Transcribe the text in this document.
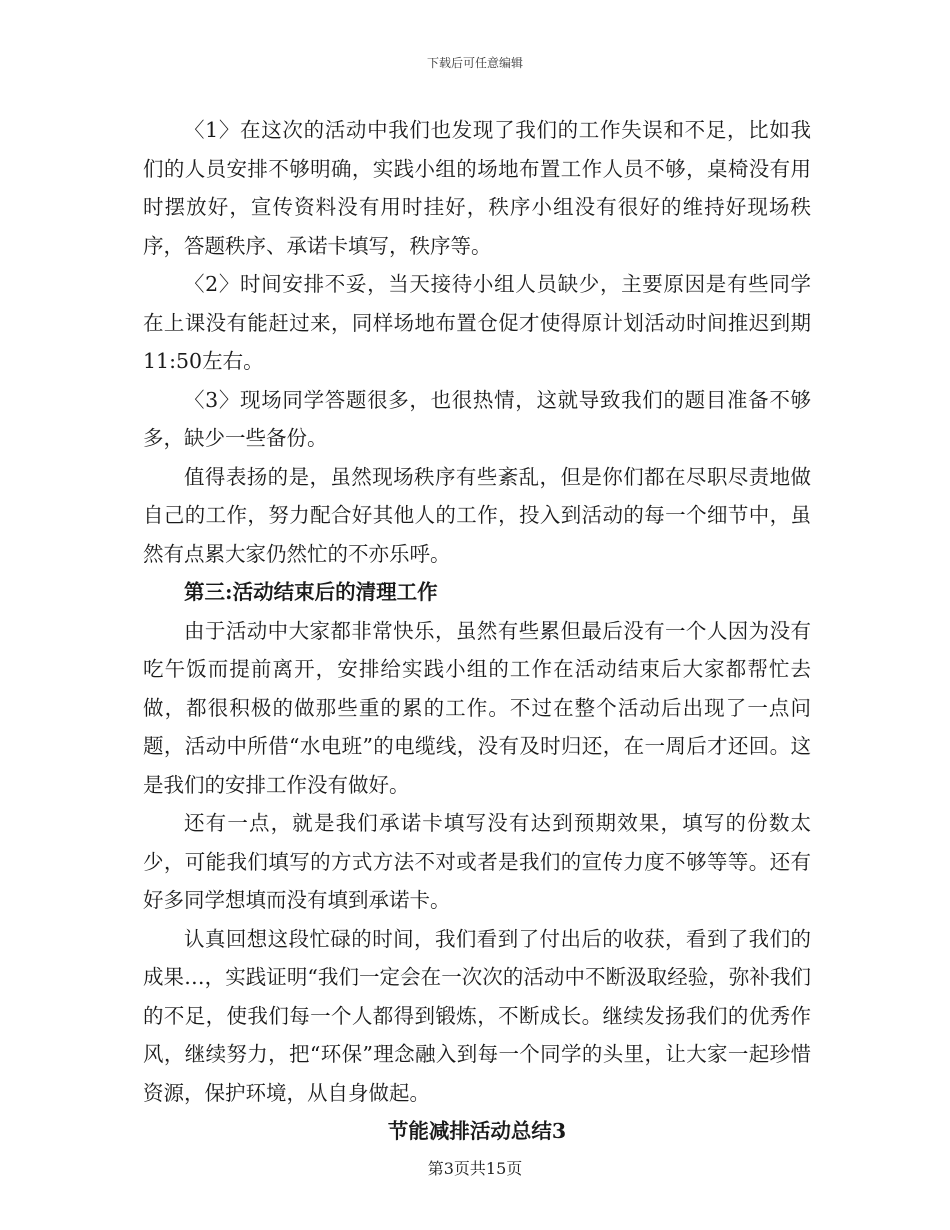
下载后可任意编辑

〈1〉在这次的活动中我们也发现了我们的工作失误和不足，比如我们的人员安排不够明确，实践小组的场地布置工作人员不够，桌椅没有用时摆放好，宣传资料没有用时挂好，秩序小组没有很好的维持好现场秩序，答题秩序、承诺卡填写，秩序等。

〈2〉时间安排不妥，当天接待小组人员缺少，主要原因是有些同学在上课没有能赶过来，同样场地布置仓促才使得原计划活动时间推迟到期11:50左右。

〈3〉现场同学答题很多，也很热情，这就导致我们的题目准备不够多，缺少一些备份。

值得表扬的是，虽然现场秩序有些紊乱，但是你们都在尽职尽责地做自己的工作，努力配合好其他人的工作，投入到活动的每一个细节中，虽然有点累大家仍然忙的不亦乐呼。

第三:活动结束后的清理工作

由于活动中大家都非常快乐，虽然有些累但最后没有一个人因为没有吃午饭而提前离开，安排给实践小组的工作在活动结束后大家都帮忙去做，都很积极的做那些重的累的工作。不过在整个活动后出现了一点问题，活动中所借“水电班”的电缆线，没有及时归还，在一周后才还回。这是我们的安排工作没有做好。

还有一点，就是我们承诺卡填写没有达到预期效果，填写的份数太少，可能我们填写的方式方法不对或者是我们的宣传力度不够等等。还有好多同学想填而没有填到承诺卡。

认真回想这段忙碌的时间，我们看到了付出后的收获，看到了我们的成果…，实践证明“我们一定会在一次次的活动中不断汲取经验，弥补我们的不足，使我们每一个人都得到锻炼，不断成长。继续发扬我们的优秀作风，继续努力，把“环保”理念融入到每一个同学的头里，让大家一起珍惜资源，保护环境，从自身做起。

节能减排活动总结3

第3页共15页
